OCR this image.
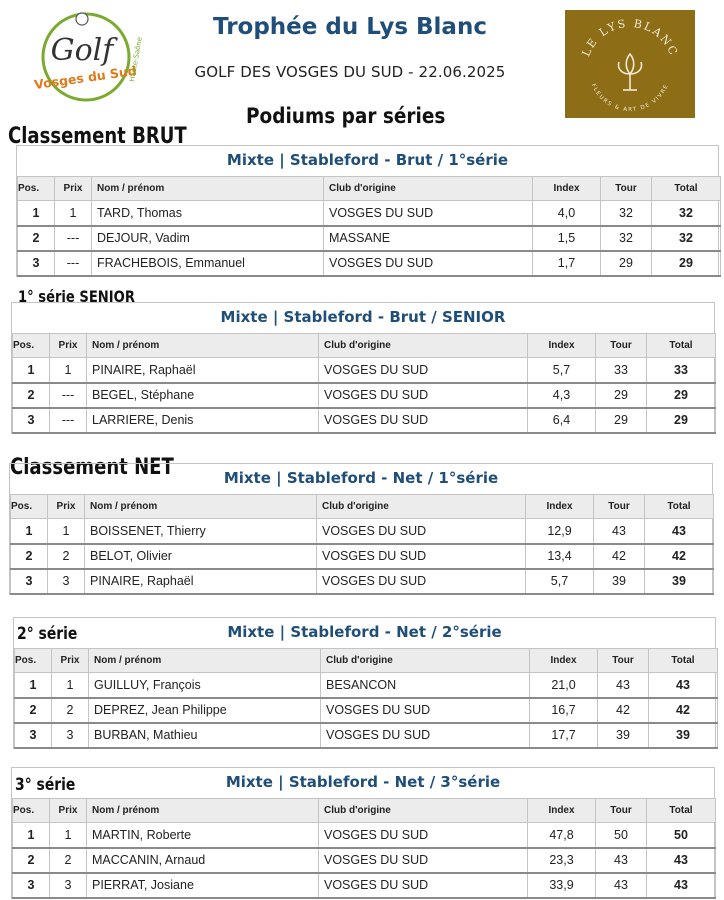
Golf
Vosges du Sud
Haute-Saône
Trophée du Lys Blanc
GOLF DES VOSGES DU SUD - 22.06.2025
LE LYS BLANC
FLEURS & ART DE VIVRE
Podiums par séries
Classement BRUT
1° série SENIOR
Classement NET
2° série
3° série
Mixte | Stableford - Brut / 1°série
Pos.	Prix	Nom / prénom	Club d'origine	Index	Tour	Total
1	1	TARD, Thomas	VOSGES DU SUD	4,0	32	32
2	---	DEJOUR, Vadim	MASSANE	1,5	32	32
3	---	FRACHEBOIS, Emmanuel	VOSGES DU SUD	1,7	29	29
Mixte | Stableford - Brut / SENIOR
Pos.	Prix	Nom / prénom	Club d'origine	Index	Tour	Total
1	1	PINAIRE, Raphaël	VOSGES DU SUD	5,7	33	33
2	---	BEGEL, Stéphane	VOSGES DU SUD	4,3	29	29
3	---	LARRIERE, Denis	VOSGES DU SUD	6,4	29	29
Mixte | Stableford - Net / 1°série
Pos.	Prix	Nom / prénom	Club d'origine	Index	Tour	Total
1	1	BOISSENET, Thierry	VOSGES DU SUD	12,9	43	43
2	2	BELOT, Olivier	VOSGES DU SUD	13,4	42	42
3	3	PINAIRE, Raphaël	VOSGES DU SUD	5,7	39	39
Mixte | Stableford - Net / 2°série
Pos.	Prix	Nom / prénom	Club d'origine	Index	Tour	Total
1	1	GUILLUY, François	BESANCON	21,0	43	43
2	2	DEPREZ, Jean Philippe	VOSGES DU SUD	16,7	42	42
3	3	BURBAN, Mathieu	VOSGES DU SUD	17,7	39	39
Mixte | Stableford - Net / 3°série
Pos.	Prix	Nom / prénom	Club d'origine	Index	Tour	Total
1	1	MARTIN, Roberte	VOSGES DU SUD	47,8	50	50
2	2	MACCANIN, Arnaud	VOSGES DU SUD	23,3	43	43
3	3	PIERRAT, Josiane	VOSGES DU SUD	33,9	43	43
